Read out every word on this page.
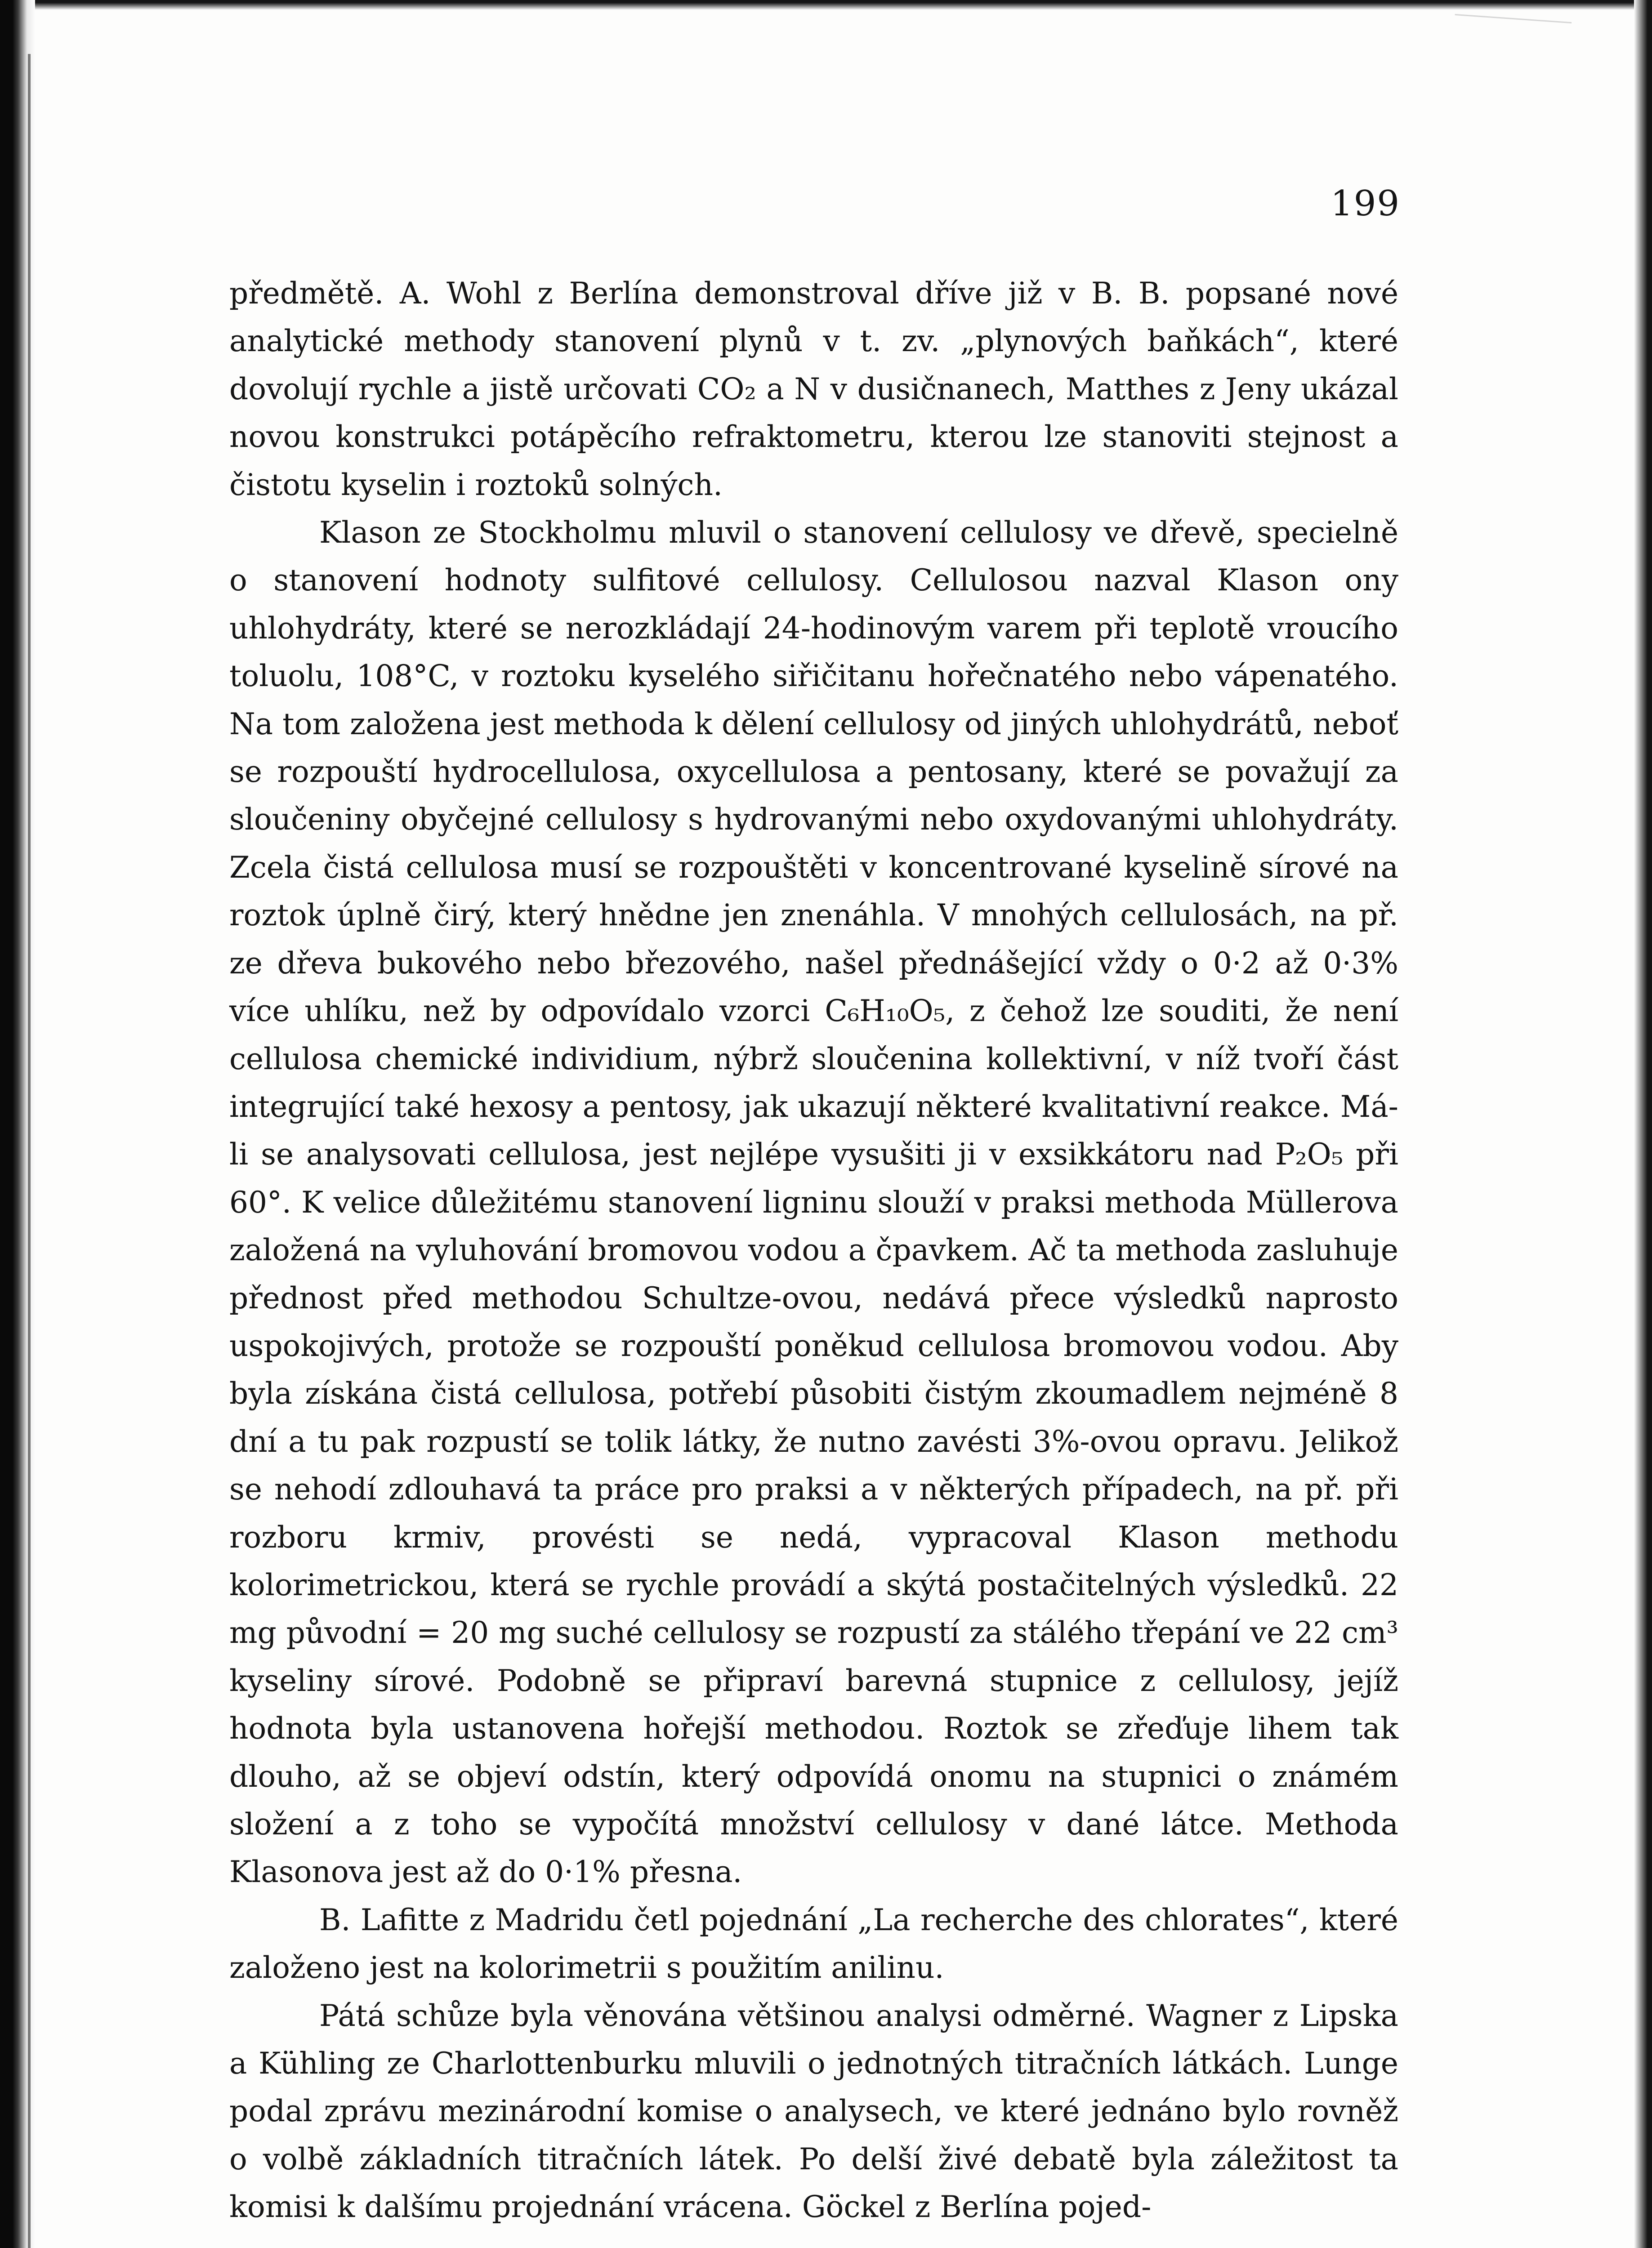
199

předmětě. A. Wohl z Berlína demonstroval dříve již v B. B. popsané nové analytické methody stanovení plynů v t. zv. „plynových baňkách“, které dovolují rychle a jistě určovati CO₂ a N v dusičnanech, Matthes z Jeny ukázal novou konstrukci potápěcího refraktometru, kterou lze stanoviti stejnost a čistotu kyselin i roztoků solných.

Klason ze Stockholmu mluvil o stanovení cellulosy ve dřevě, specielně o stanovení hodnoty sulfitové cellulosy. Cellulosou nazval Klason ony uhlohydráty, které se nerozkládají 24-hodinovým varem při teplotě vroucího toluolu, 108°C, v roztoku kyselého siřičitanu hořečnatého nebo vápenatého. Na tom založena jest methoda k dělení cellulosy od jiných uhlohydrátů, neboť se rozpouští hydrocellulosa, oxycellulosa a pentosany, které se považují za sloučeniny obyčejné cellulosy s hydrovanými nebo oxydovanými uhlohydráty. Zcela čistá cellulosa musí se rozpouštěti v koncentrované kyselině sírové na roztok úplně čirý, který hnědne jen znenáhla. V mnohých cellulosách, na př. ze dřeva bukového nebo březového, našel přednášející vždy o 0·2 až 0·3% více uhlíku, než by odpovídalo vzorci C₆H₁₀O₅, z čehož lze souditi, že není cellulosa chemické individium, nýbrž sloučenina kollektivní, v níž tvoří část integrující také hexosy a pentosy, jak ukazují některé kvalitativní reakce. Má-li se analysovati cellulosa, jest nejlépe vysušiti ji v exsikkátoru nad P₂O₅ při 60°. K velice důležitému stanovení ligninu slouží v praksi methoda Müllerova založená na vyluhování bromovou vodou a čpavkem. Ač ta methoda zasluhuje přednost před methodou Schultze-ovou, nedává přece výsledků naprosto uspokojivých, protože se rozpouští poněkud cellulosa bromovou vodou. Aby byla získána čistá cellulosa, potřebí působiti čistým zkoumadlem nejméně 8 dní a tu pak rozpustí se tolik látky, že nutno zavésti 3%-ovou opravu. Jelikož se nehodí zdlouhavá ta práce pro praksi a v některých případech, na př. při rozboru krmiv, provésti se nedá, vypracoval Klason methodu kolorimetrickou, která se rychle provádí a skýtá postačitelných výsledků. 22 mg původní = 20 mg suché cellulosy se rozpustí za stálého třepání ve 22 cm³ kyseliny sírové. Podobně se připraví barevná stupnice z cellulosy, jejíž hodnota byla ustanovena hořejší methodou. Roztok se zřeďuje lihem tak dlouho, až se objeví odstín, který odpovídá onomu na stupnici o známém složení a z toho se vypočítá množství cellulosy v dané látce. Methoda Klasonova jest až do 0·1% přesna.

B. Lafitte z Madridu četl pojednání „La recherche des chlorates“, které založeno jest na kolorimetrii s použitím anilinu.

Pátá schůze byla věnována většinou analysi odměrné. Wagner z Lipska a Kühling ze Charlottenburku mluvili o jednotných titračních látkách. Lunge podal zprávu mezinárodní komise o analysech, ve které jednáno bylo rovněž o volbě základních titračních látek. Po delší živé debatě byla záležitost ta komisi k dalšímu projednání vrácena. Göckel z Berlína pojed-
